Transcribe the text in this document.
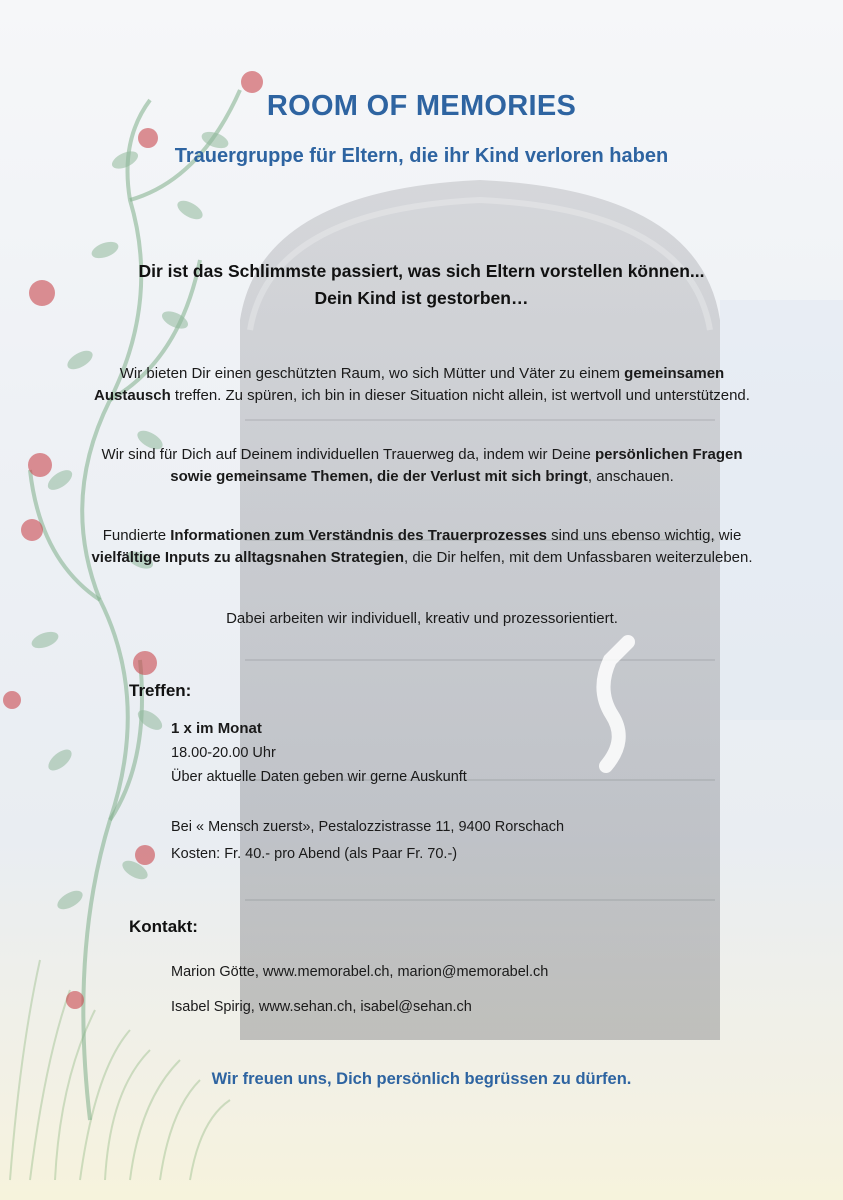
ROOM OF MEMORIES
Trauergruppe für Eltern, die ihr Kind verloren haben
Dir ist das Schlimmste passiert, was sich Eltern vorstellen können...
Dein Kind ist gestorben…
Wir bieten Dir einen geschützten Raum, wo sich Mütter und Väter zu einem gemeinsamen Austausch treffen. Zu spüren, ich bin in dieser Situation nicht allein, ist wertvoll und unterstützend.
Wir sind für Dich auf Deinem individuellen Trauerweg da, indem wir Deine persönlichen Fragen sowie gemeinsame Themen, die der Verlust mit sich bringt, anschauen.
Fundierte Informationen zum Verständnis des Trauerprozesses sind uns ebenso wichtig, wie vielfältige Inputs zu alltagsnahen Strategien, die Dir helfen, mit dem Unfassbaren weiterzuleben.
Dabei arbeiten wir individuell, kreativ und prozessorientiert.
Treffen:
1 x im Monat
18.00-20.00 Uhr
Über aktuelle Daten geben wir gerne Auskunft
Bei « Mensch zuerst», Pestalozzistrasse 11, 9400 Rorschach
Kosten: Fr. 40.- pro Abend (als Paar Fr. 70.-)
Kontakt:
Marion Götte, www.memorabel.ch, marion@memorabel.ch
Isabel Spirig, www.sehan.ch, isabel@sehan.ch
Wir freuen uns, Dich persönlich begrüssen zu dürfen.
